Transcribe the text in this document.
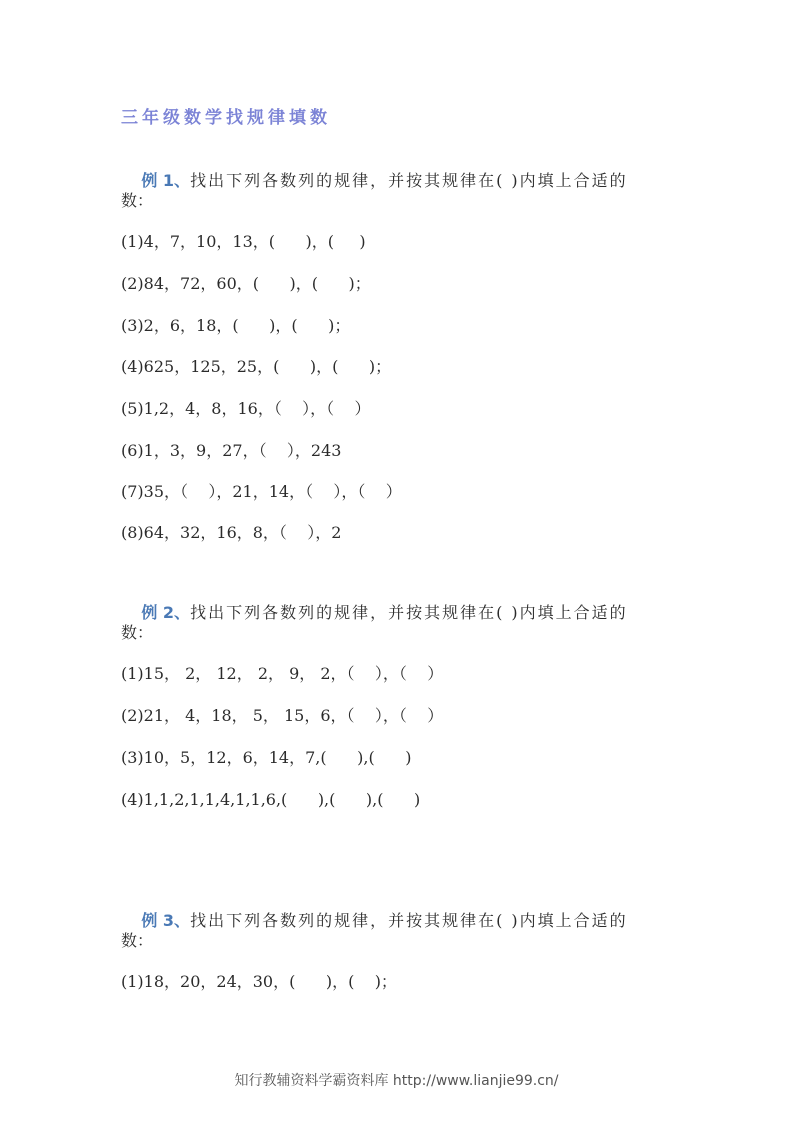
三年级数学找规律填数

例 1、找出下列各数列的规律，并按其规律在( )内填上合适的

数：
(1)4，7，10，13，(      )，(     )
(2)84，72，60，(      )，(      )；
(3)2，6，18，(      )，(      )；
(4)625，125，25，(      )，(      )；
(5)1,2，4，8，16，（    ），（    ）
(6)1，3，9，27，（    ），243
(7)35，（    ），21，14，（    ），（    ）
(8)64，32，16，8，（    ），2

例 2、找出下列各数列的规律，并按其规律在( )内填上合适的

数：
(1)15， 2， 12， 2， 9， 2，（    ），（    ）
(2)21， 4，18， 5， 15，6，（    ），（    ）
(3)10，5，12，6，14，7,(      ),(      )
(4)1,1,2,1,1,4,1,1,6,(      ),(      ),(      )

例 3、找出下列各数列的规律，并按其规律在( )内填上合适的

数：
(1)18，20，24，30，(      )，(    )；
知行教辅资料学霸资料库 http://www.lianjie99.cn/
